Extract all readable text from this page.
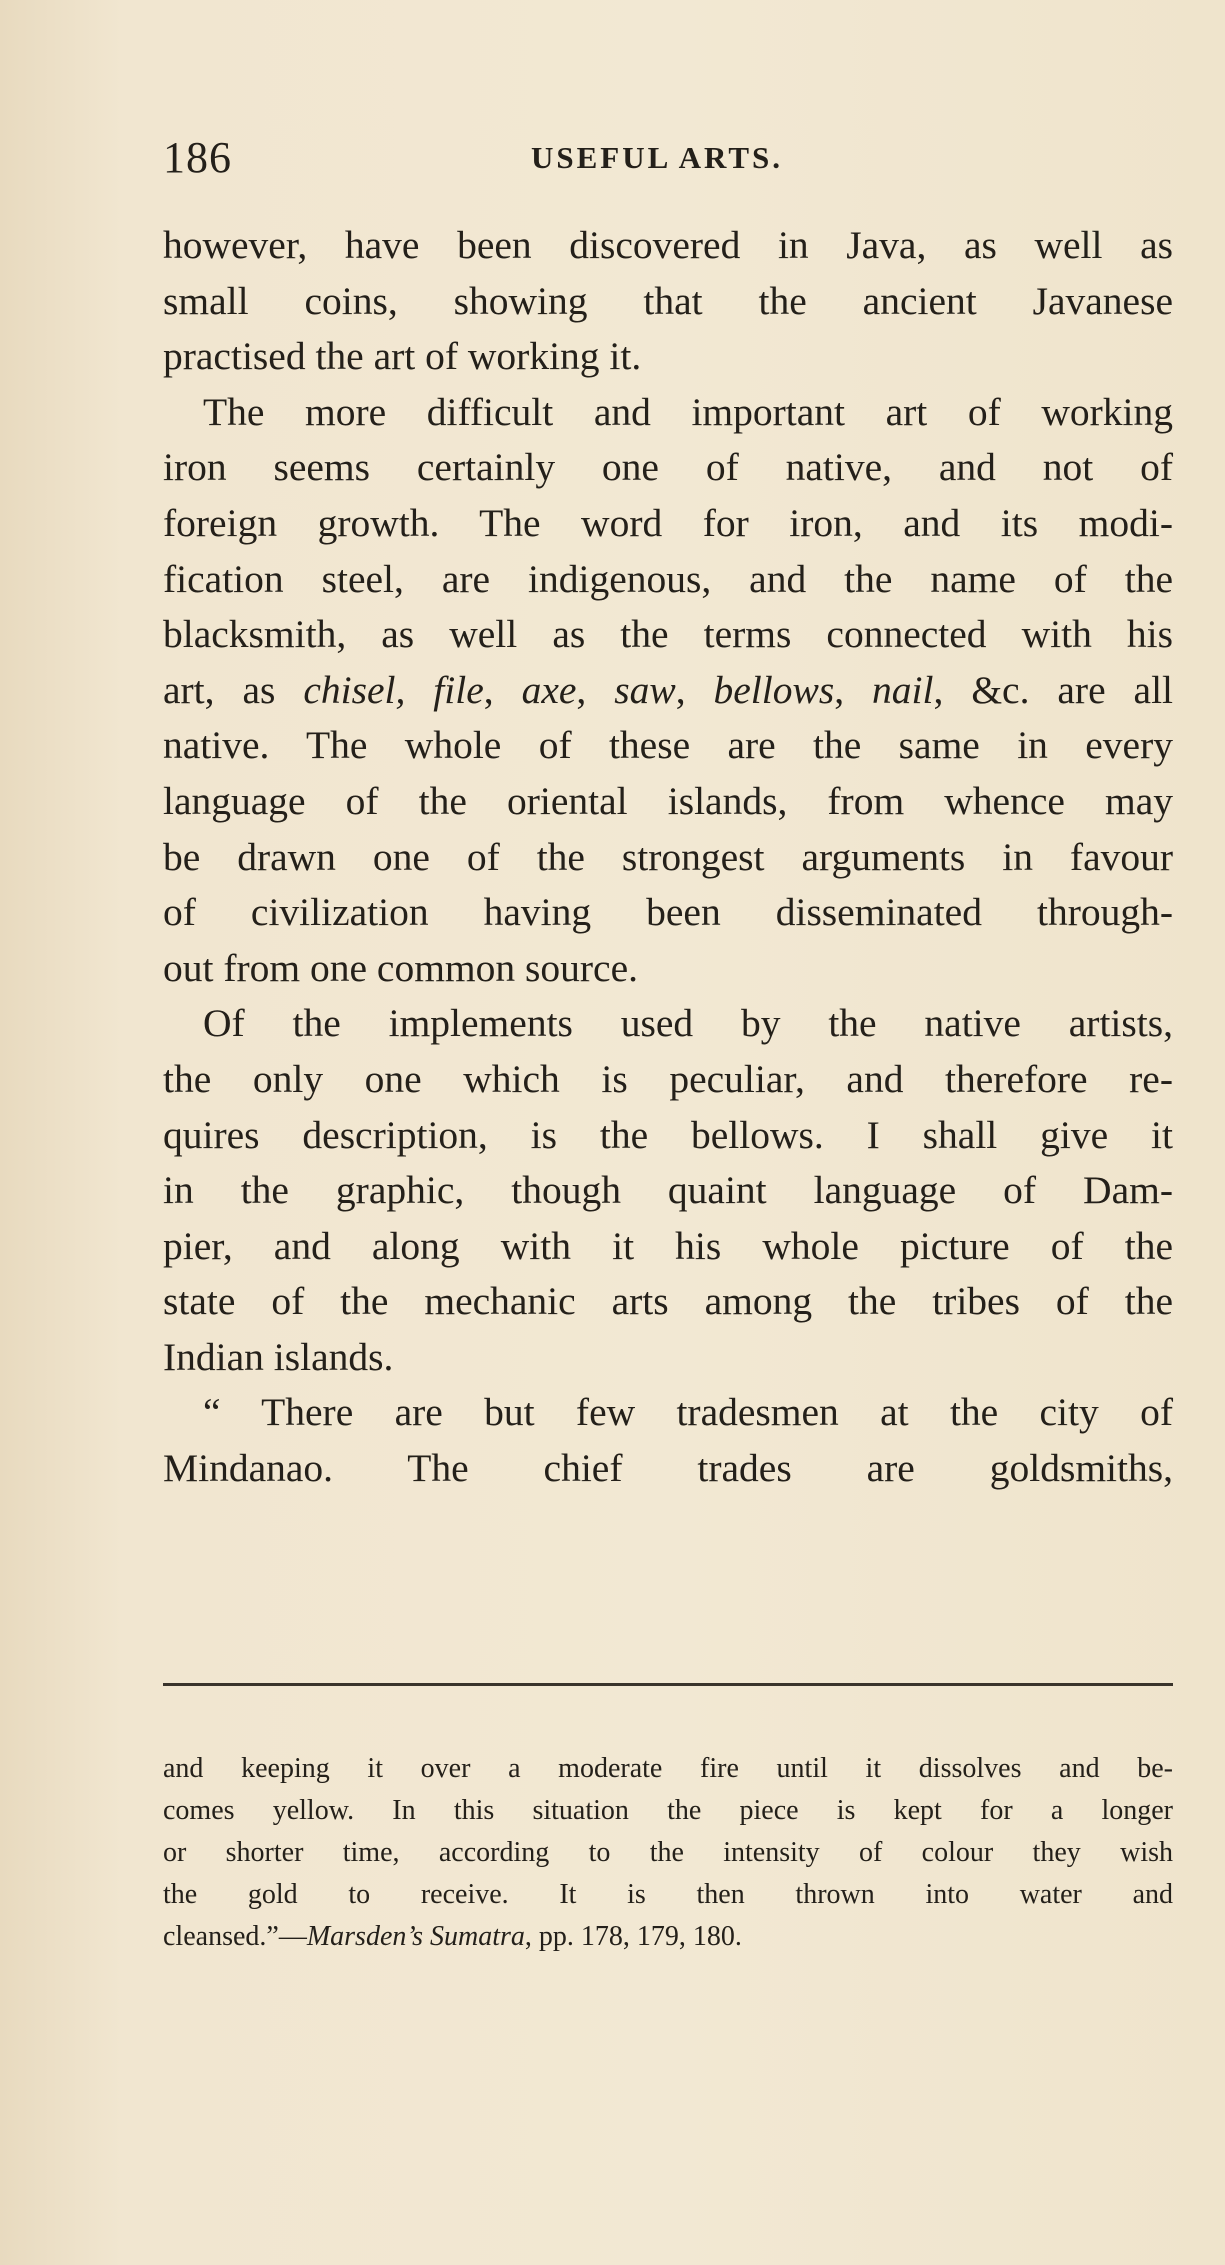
186	USEFUL ARTS.
however, have been discovered in Java, as well as
small coins, showing that the ancient Javanese
practised the art of working it.
The more difficult and important art of working
iron seems certainly one of native, and not of
foreign growth. The word for iron, and its modi-
fication steel, are indigenous, and the name of the
blacksmith, as well as the terms connected with his
art, as chisel, file, axe, saw, bellows, nail, &c. are all
native. The whole of these are the same in every
language of the oriental islands, from whence may
be drawn one of the strongest arguments in favour
of civilization having been disseminated through-
out from one common source.
Of the implements used by the native artists,
the only one which is peculiar, and therefore re-
quires description, is the bellows. I shall give it
in the graphic, though quaint language of Dam-
pier, and along with it his whole picture of the
state of the mechanic arts among the tribes of the
Indian islands.
“ There are but few tradesmen at the city of
Mindanao. The chief trades are goldsmiths,
and keeping it over a moderate fire until it dissolves and be-
comes yellow. In this situation the piece is kept for a longer
or shorter time, according to the intensity of colour they wish
the gold to receive. It is then thrown into water and
cleansed.”—Marsden’s Sumatra, pp. 178, 179, 180.
